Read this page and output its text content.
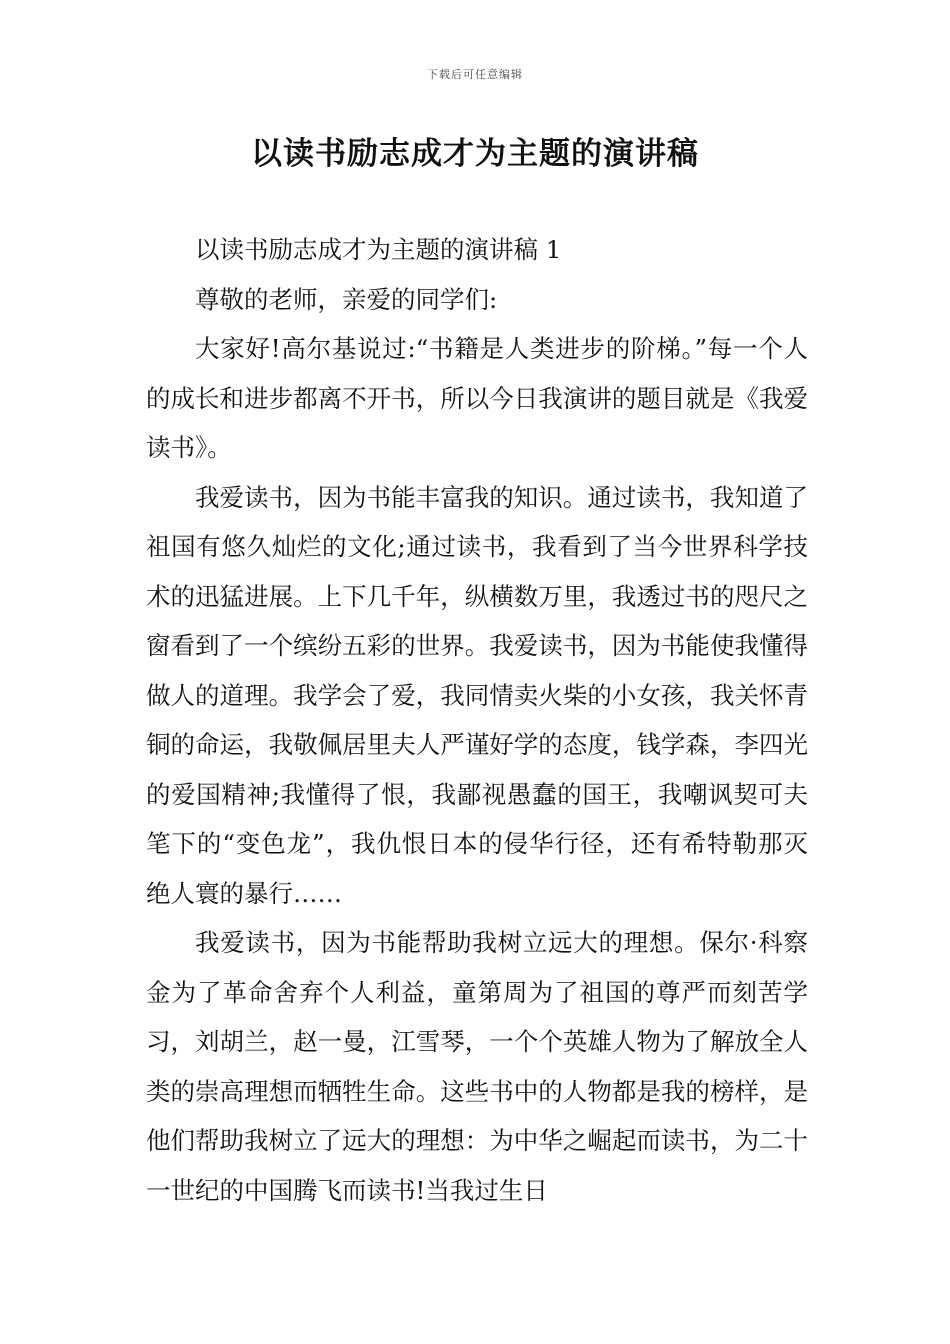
下载后可任意编辑
以读书励志成才为主题的演讲稿

以读书励志成才为主题的演讲稿 1

尊敬的老师，亲爱的同学们:

大家好!高尔基说过:“书籍是人类进步的阶梯。”每一个人的成长和进步都离不开书，所以今日我演讲的题目就是《我爱读书》。

我爱读书，因为书能丰富我的知识。通过读书，我知道了祖国有悠久灿烂的文化;通过读书，我看到了当今世界科学技术的迅猛进展。上下几千年，纵横数万里，我透过书的咫尺之窗看到了一个缤纷五彩的世界。我爱读书，因为书能使我懂得做人的道理。我学会了爱，我同情卖火柴的小女孩，我关怀青铜的命运，我敬佩居里夫人严谨好学的态度，钱学森，李四光的爱国精神;我懂得了恨，我鄙视愚蠢的国王，我嘲讽契可夫笔下的“变色龙”，我仇恨日本的侵华行径，还有希特勒那灭绝人寰的暴行……

我爱读书，因为书能帮助我树立远大的理想。保尔·科察金为了革命舍弃个人利益，童第周为了祖国的尊严而刻苦学习，刘胡兰，赵一曼，江雪琴，一个个英雄人物为了解放全人类的崇高理想而牺牲生命。这些书中的人物都是我的榜样，是他们帮助我树立了远大的理想：为中华之崛起而读书，为二十一世纪的中国腾飞而读书!当我过生日
